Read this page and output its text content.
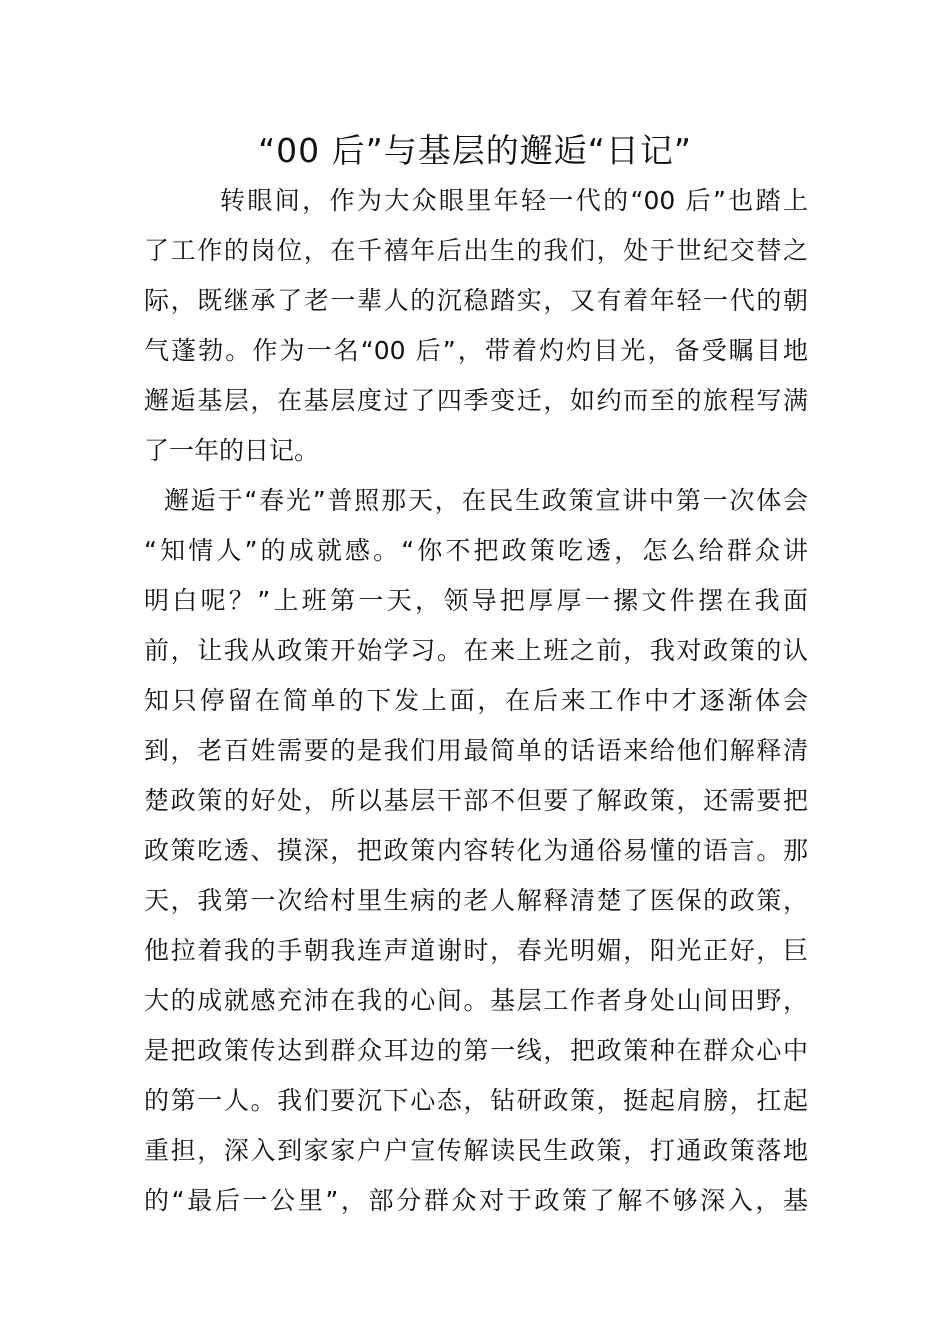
“00 后”与基层的邂逅“日记”

转眼间，作为大众眼里年轻一代的“00 后”也踏上

了工作的岗位，在千禧年后出生的我们，处于世纪交替之

际，既继承了老一辈人的沉稳踏实，又有着年轻一代的朝

气蓬勃。作为一名“00 后”，带着灼灼目光，备受瞩目地

邂逅基层，在基层度过了四季变迁，如约而至的旅程写满

了一年的日记。

邂逅于“春光”普照那天，在民生政策宣讲中第一次体会

“知情人”的成就感。“你不把政策吃透，怎么给群众讲

明白呢？”上班第一天，领导把厚厚一摞文件摆在我面

前，让我从政策开始学习。在来上班之前，我对政策的认

知只停留在简单的下发上面，在后来工作中才逐渐体会

到，老百姓需要的是我们用最简单的话语来给他们解释清

楚政策的好处，所以基层干部不但要了解政策，还需要把

政策吃透、摸深，把政策内容转化为通俗易懂的语言。那

天，我第一次给村里生病的老人解释清楚了医保的政策，

他拉着我的手朝我连声道谢时，春光明媚，阳光正好，巨

大的成就感充沛在我的心间。基层工作者身处山间田野，

是把政策传达到群众耳边的第一线，把政策种在群众心中

的第一人。我们要沉下心态，钻研政策，挺起肩膀，扛起

重担，深入到家家户户宣传解读民生政策，打通政策落地

的“最后一公里”，部分群众对于政策了解不够深入，基
